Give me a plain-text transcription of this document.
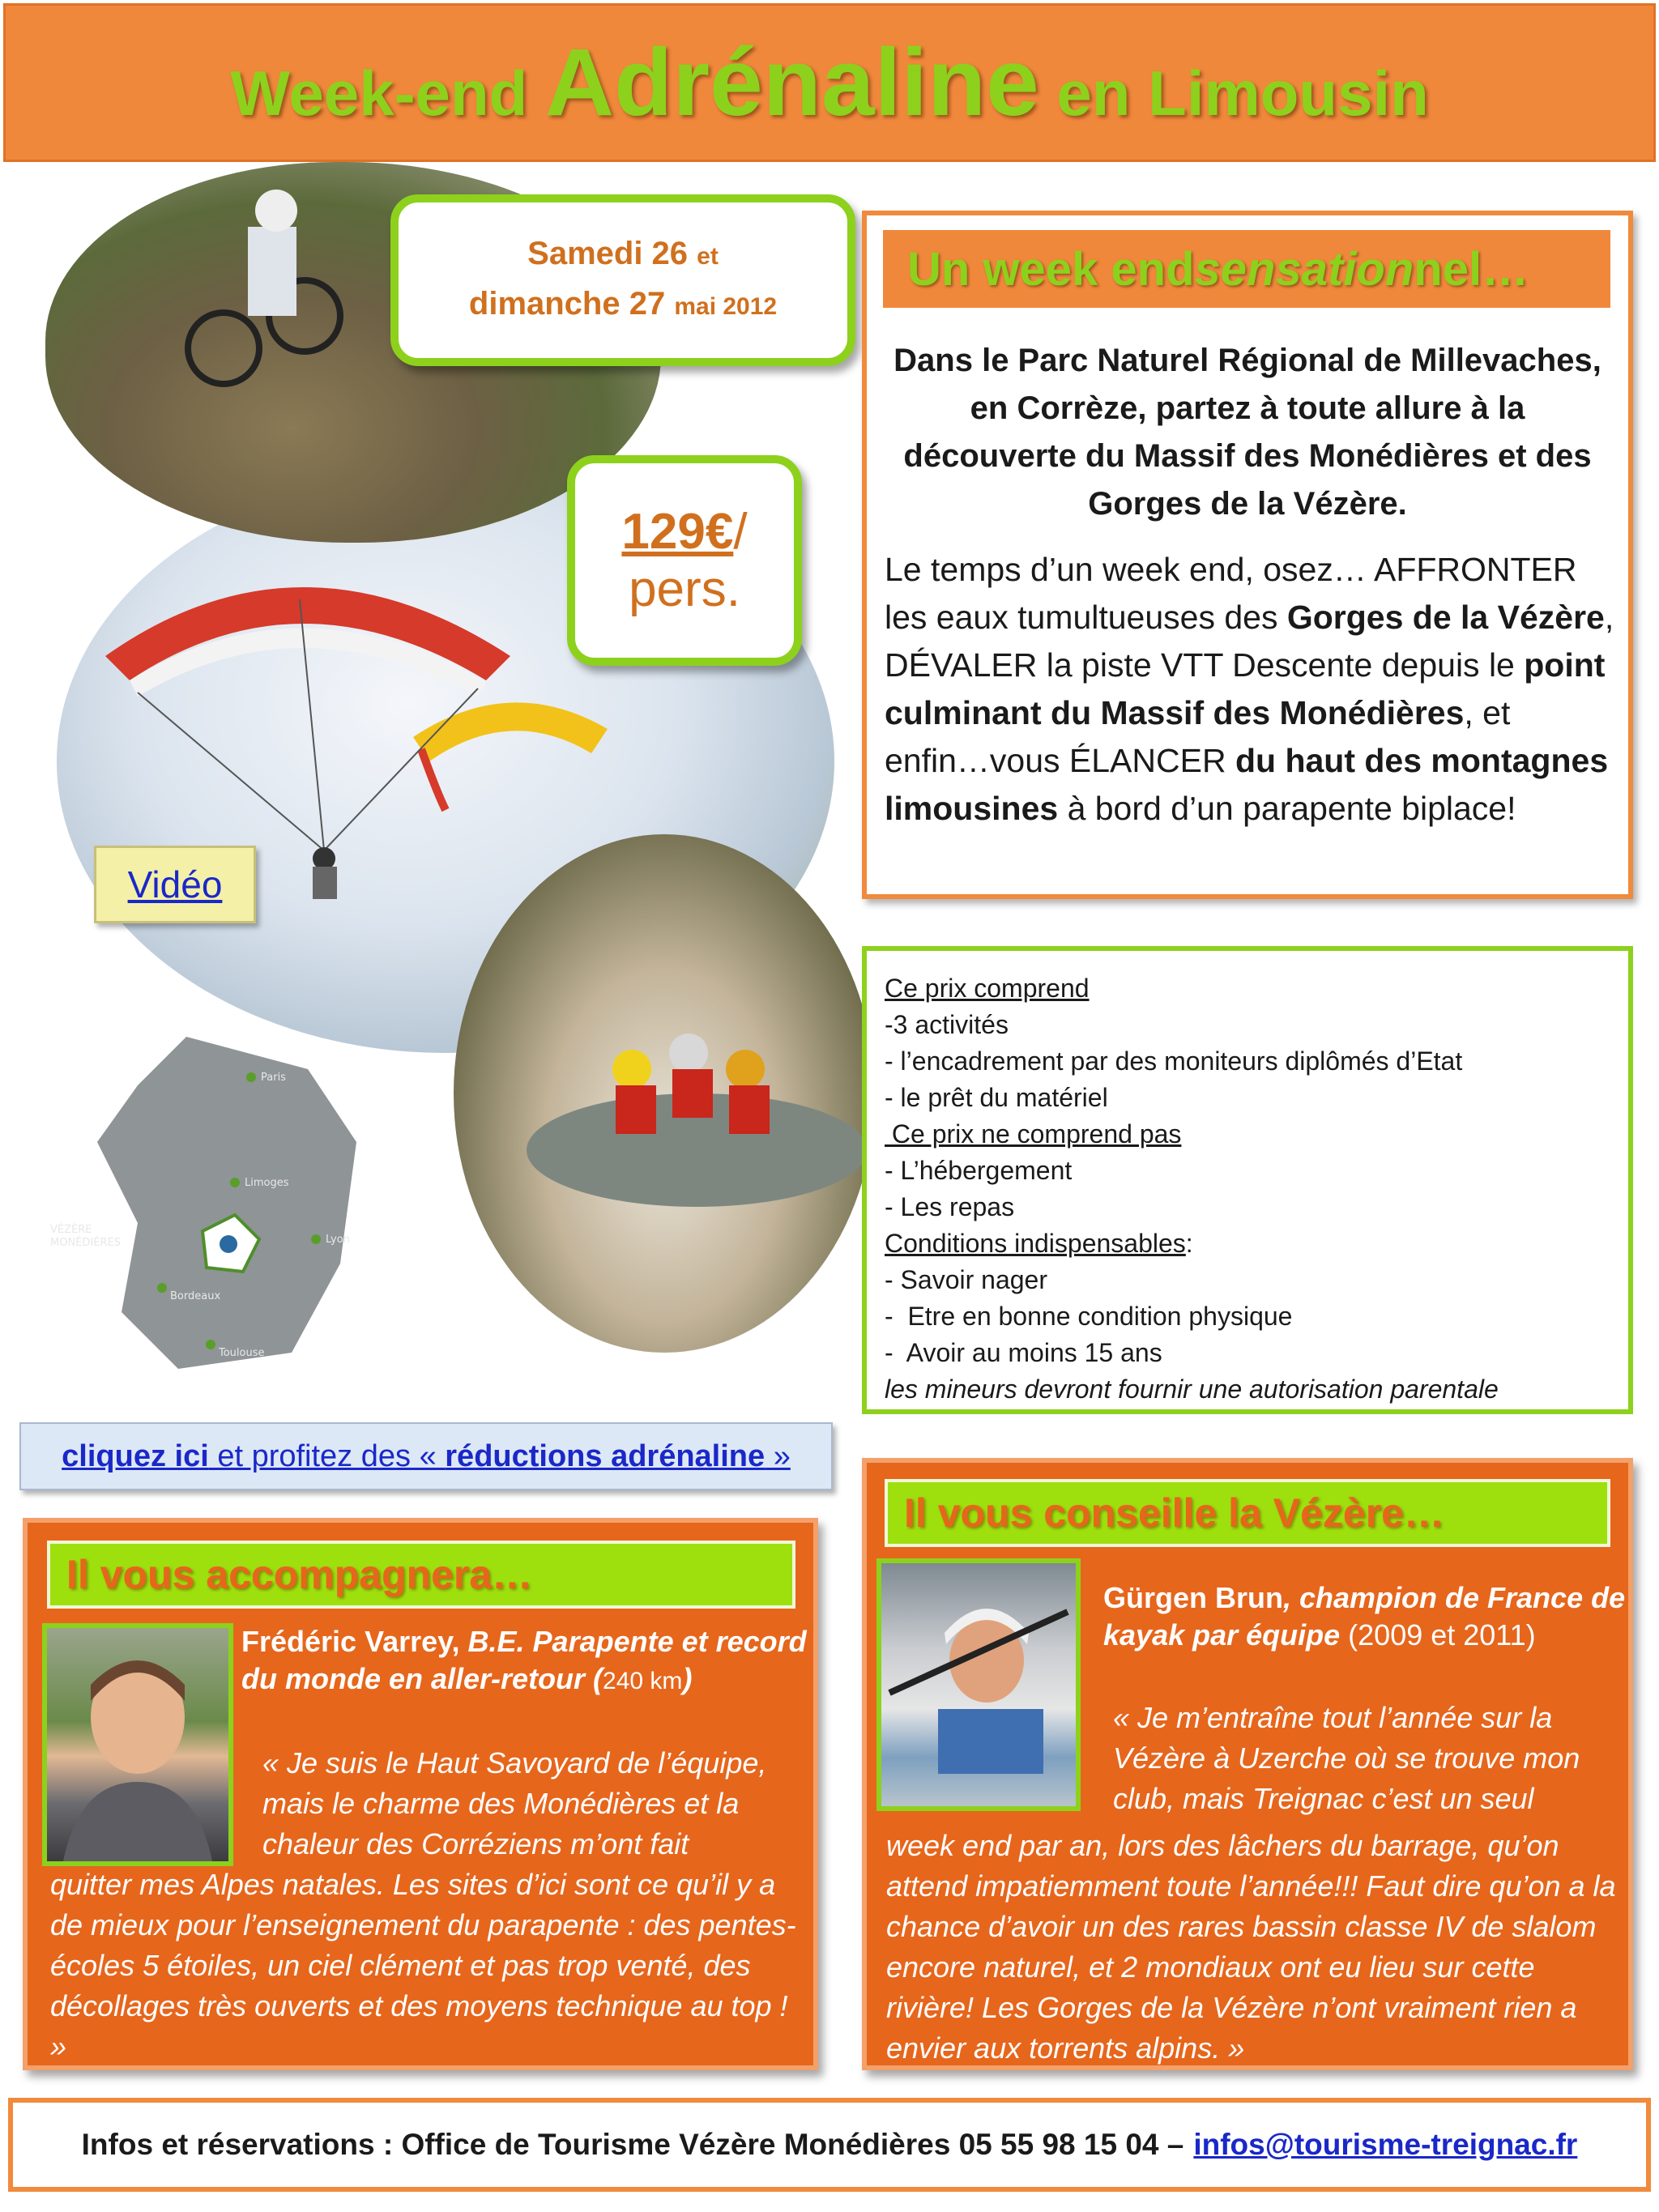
Week-end Adrénaline en Limousin
Paris
Limoges
Lyon
Bordeaux
Toulouse
VÉZÈRE
MONÉDIÈRES
Samedi 26 et
dimanche 27 mai 2012
129€/
pers.
Vidéo
Un week end sensation nel…
Dans le Parc Naturel Régional de Millevaches, en Corrèze, partez à toute allure à la découverte du Massif des Monédières et des Gorges de la Vézère.
Le temps d’un week end, osez… AFFRONTER les eaux tumultueuses des Gorges de la Vézère, DÉVALER la piste VTT Descente depuis le point culminant du Massif des Monédières, et enfin…vous ÉLANCER du haut des montagnes limousines à bord d’un parapente biplace!
Ce prix comprend
-3 activités
- l’encadrement par des moniteurs diplômés d’Etat
- le prêt du matériel
Ce prix ne comprend pas
- L’hébergement
- Les repas
Conditions indispensables:
- Savoir nager
-  Etre en bonne condition physique
-  Avoir au moins 15 ans
les mineurs devront fournir une autorisation parentale
cliquez ici et profitez des « réductions adrénaline »
Il vous accompagnera…
Frédéric Varrey, B.E. Parapente et record du monde en aller-retour (240 km)
« Je suis le Haut Savoyard de l’équipe, mais le charme des Monédières et la chaleur des Corréziens m’ont fait
quitter mes Alpes natales. Les sites d’ici sont ce qu’il y a de mieux pour l’enseignement du parapente : des pentes-écoles 5 étoiles, un ciel clément et pas trop venté, des décollages très ouverts et des moyens technique au top ! »
Il vous conseille la Vézère…
Gürgen Brun, champion de France de kayak par équipe (2009 et 2011)
« Je m’entraîne tout l’année sur la Vézère à Uzerche où se trouve mon club, mais Treignac c’est un seul
week end par an, lors des lâchers du barrage, qu’on attend impatiemment toute l’année!!! Faut dire qu’on a la chance d’avoir un des rares bassin classe IV de slalom encore naturel, et 2 mondiaux ont eu lieu sur cette rivière! Les Gorges de la Vézère n’ont vraiment rien a envier aux torrents alpins. »
Infos et réservations : Office de Tourisme Vézère Monédières 05 55 98 15 04 – infos@tourisme-treignac.fr
